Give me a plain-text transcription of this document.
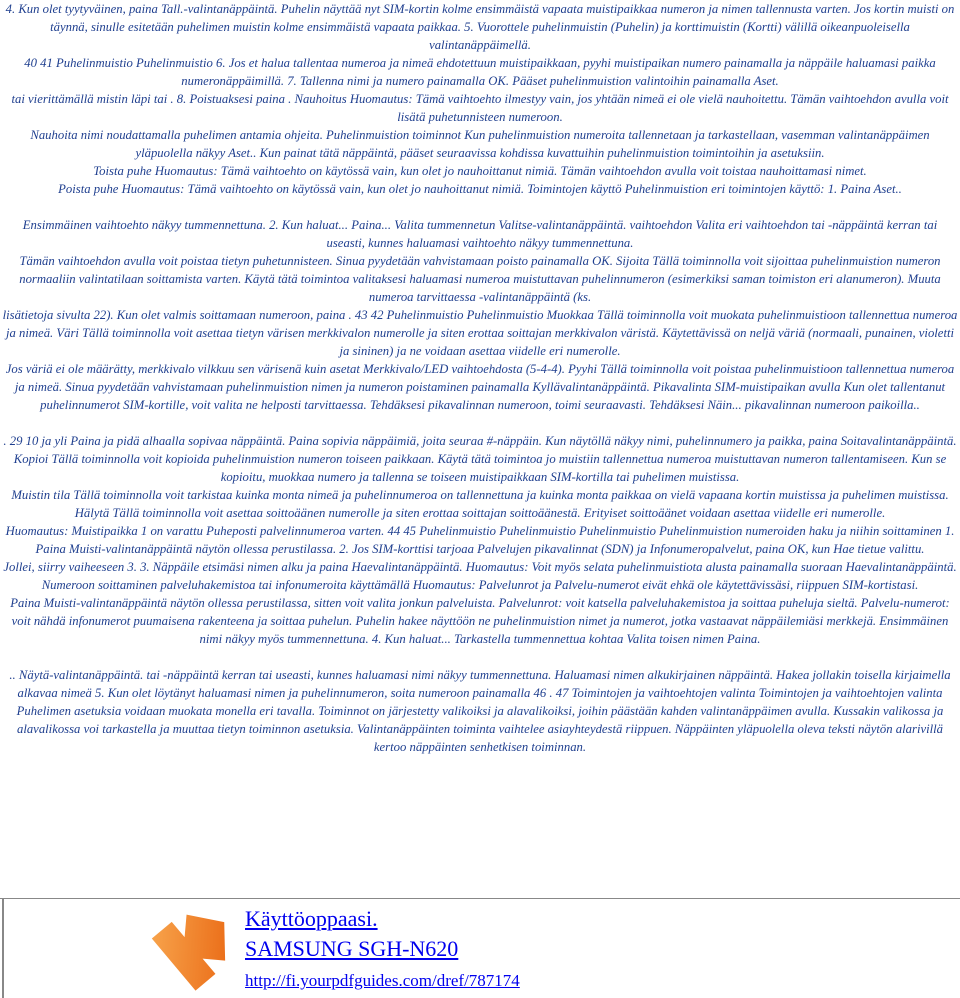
4. Kun olet tyytyväinen, paina Tall.-valintanäppäintä. Puhelin näyttää nyt SIM-kortin kolme ensimmäistä vapaata muistipaikkaa numeron ja nimen tallennusta varten. Jos kortin muisti on täynnä, sinulle esitetään puhelimen muistin kolme ensimmäistä vapaata paikkaa. 5. Vuorottele puhelinmuistin (Puhelin) ja korttimuistin (Kortti) välillä oikeanpuoleisella valintanäppäimellä.

40 41 Puhelinmuistio Puhelinmuistio 6. Jos et halua tallentaa numeroa ja nimeä ehdotettuun muistipaikkaan, pyyhi muistipaikan numero painamalla ja näppäile haluamasi paikka numeronäppäimillä. 7. Tallenna nimi ja numero painamalla OK. Pääset puhelinmuistion valintoihin painamalla Aset.

tai vierittämällä mistin läpi tai . 8. Poistuaksesi paina . Nauhoitus Huomautus: Tämä vaihtoehto ilmestyy vain, jos yhtään nimeä ei ole vielä nauhoitettu. Tämän vaihtoehdon avulla voit lisätä puhetunnisteen numeroon.

Nauhoita nimi noudattamalla puhelimen antamia ohjeita. Puhelinmuistion toiminnot Kun puhelinmuistion numeroita tallennetaan ja tarkastellaan, vasemman valintanäppäimen yläpuolella näkyy Aset.. Kun painat tätä näppäintä, pääset seuraavissa kohdissa kuvattuihin puhelinmuistion toimintoihin ja asetuksiin.

Toista puhe Huomautus: Tämä vaihtoehto on käytössä vain, kun olet jo nauhoittanut nimiä. Tämän vaihtoehdon avulla voit toistaa nauhoittamasi nimet.

Poista puhe Huomautus: Tämä vaihtoehto on käytössä vain, kun olet jo nauhoittanut nimiä. Toimintojen käyttö Puhelinmuistion eri toimintojen käyttö: 1. Paina Aset..

Ensimmäinen vaihtoehto näkyy tummennettuna. 2. Kun haluat... Paina... Valita tummennetun Valitse-valintanäppäintä. vaihtoehdon Valita eri vaihtoehdon tai -näppäintä kerran tai useasti, kunnes haluamasi vaihtoehto näkyy tummennettuna.

Tämän vaihtoehdon avulla voit poistaa tietyn puhetunnisteen. Sinua pyydetään vahvistamaan poisto painamalla OK. Sijoita Tällä toiminnolla voit sijoittaa puhelinmuistion numeron normaaliin valintatilaan soittamista varten. Käytä tätä toimintoa valitaksesi haluamasi numeroa muistuttavan puhelinnumeron (esimerkiksi saman toimiston eri alanumeron). Muuta numeroa tarvittaessa -valintanäppäintä (ks.

lisätietoja sivulta 22). Kun olet valmis soittamaan numeroon, paina . 43 42 Puhelinmuistio Puhelinmuistio Muokkaa Tällä toiminnolla voit muokata puhelinmuistioon tallennettua numeroa ja nimeä. Väri Tällä toiminnolla voit asettaa tietyn värisen merkkivalon numerolle ja siten erottaa soittajan merkkivalon väristä. Käytettävissä on neljä väriä (normaali, punainen, violetti ja sininen) ja ne voidaan asettaa viidelle eri numerolle.

Jos väriä ei ole määrätty, merkkivalo vilkkuu sen värisenä kuin asetat Merkkivalo/LED vaihtoehdosta (5-4-4). Pyyhi Tällä toiminnolla voit poistaa puhelinmuistioon tallennettua numeroa ja nimeä. Sinua pyydetään vahvistamaan puhelinmuistion nimen ja numeron poistaminen painamalla Kyllävalintanäppäintä. Pikavalinta SIM-muistipaikan avulla Kun olet tallentanut puhelinnumerot SIM-kortille, voit valita ne helposti tarvittaessa. Tehdäksesi pikavalinnan numeroon, toimi seuraavasti. Tehdäksesi Näin... pikavalinnan numeroon paikoilla..

. 29 10 ja yli Paina ja pidä alhaalla sopivaa näppäintä. Paina sopivia näppäimiä, joita seuraa #-näppäin. Kun näytöllä näkyy nimi, puhelinnumero ja paikka, paina Soitavalintanäppäintä. Kopioi Tällä toiminnolla voit kopioida puhelinmuistion numeron toiseen paikkaan. Käytä tätä toimintoa jo muistiin tallennettua numeroa muistuttavan numeron tallentamiseen. Kun se kopioitu, muokkaa numero ja tallenna se toiseen muistipaikkaan SIM-kortilla tai puhelimen muistissa.

Muistin tila Tällä toiminnolla voit tarkistaa kuinka monta nimeä ja puhelinnumeroa on tallennettuna ja kuinka monta paikkaa on vielä vapaana kortin muistissa ja puhelimen muistissa. Hälytä Tällä toiminnolla voit asettaa soittoäänen numerolle ja siten erottaa soittajan soittoäänestä. Erityiset soittoäänet voidaan asettaa viidelle eri numerolle.

Huomautus: Muistipaikka 1 on varattu Puheposti palvelinnumeroa varten. 44 45 Puhelinmuistio Puhelinmuistio Puhelinmuistio Puhelinmuistion numeroiden haku ja niihin soittaminen 1. Paina Muisti-valintanäppäintä näytön ollessa perustilassa. 2. Jos SIM-korttisi tarjoaa Palvelujen pikavalinnat (SDN) ja Infonumeropalvelut, paina OK, kun Hae tietue valittu.

Jollei, siirry vaiheeseen 3. 3. Näppäile etsimäsi nimen alku ja paina Haevalintanäppäintä. Huomautus: Voit myös selata puhelinmuistiota alusta painamalla suoraan Haevalintanäppäintä. Numeroon soittaminen palveluhakemistoa tai infonumeroita käyttämällä Huomautus: Palvelunrot ja Palvelu-numerot eivät ehkä ole käytettävissäsi, riippuen SIM-kortistasi.

Paina Muisti-valintanäppäintä näytön ollessa perustilassa, sitten voit valita jonkun palveluista. Palvelunrot: voit katsella palveluhakemistoa ja soittaa puheluja sieltä. Palvelu-numerot: voit nähdä infonumerot puumaisena rakenteena ja soittaa puhelun. Puhelin hakee näyttöön ne puhelinmuistion nimet ja numerot, jotka vastaavat näppäilemiäsi merkkejä. Ensimmäinen nimi näkyy myös tummennettuna. 4. Kun haluat... Tarkastella tummennettua kohtaa Valita toisen nimen Paina.

.. Näytä-valintanäppäintä. tai -näppäintä kerran tai useasti, kunnes haluamasi nimi näkyy tummennettuna. Haluamasi nimen alkukirjainen näppäintä. Hakea jollakin toisella kirjaimella alkavaa nimeä 5. Kun olet löytänyt haluamasi nimen ja puhelinnumeron, soita numeroon painamalla 46 . 47 Toimintojen ja vaihtoehtojen valinta Toimintojen ja vaihtoehtojen valinta Puhelimen asetuksia voidaan muokata monella eri tavalla. Toiminnot on järjestetty valikoiksi ja alavalikoiksi, joihin päästään kahden valintanäppäimen avulla. Kussakin valikossa ja alavalikossa voi tarkastella ja muuttaa tietyn toiminnon asetuksia. Valintanäppäinten toiminta vaihtelee asiayhteydestä riippuen. Näppäinten yläpuolella oleva teksti näytön alarivillä kertoo näppäinten senhetkisen toiminnan.

Käyttöoppaasi.
SAMSUNG SGH-N620
http://fi.yourpdfguides.com/dref/787174
